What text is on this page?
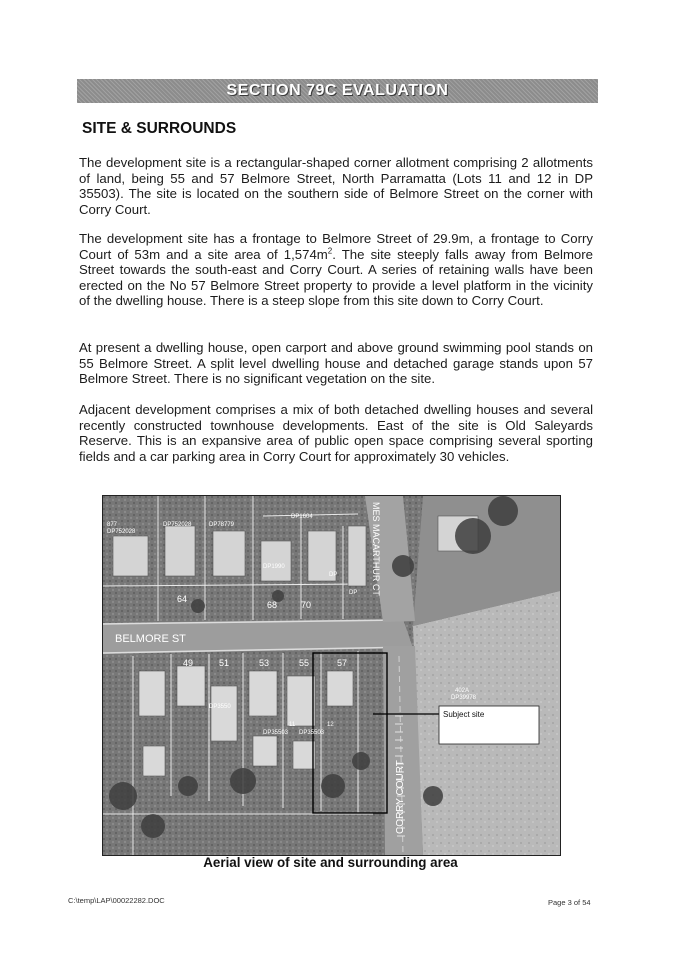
SECTION 79C EVALUATION
SITE & SURROUNDS

The development site is a rectangular-shaped corner allotment comprising 2 allotments of land, being 55 and 57 Belmore Street, North Parramatta (Lots 11 and 12 in DP 35503). The site is located on the southern side of Belmore Street on the corner with Corry Court.

The development site has a frontage to Belmore Street of 29.9m, a frontage to Corry Court of 53m and a site area of $1,574m^2$. The site steeply falls away from Belmore Street towards the south-east and Corry Court. A series of retaining walls have been erected on the No 57 Belmore Street property to provide a level platform in the vicinity of the dwelling house. There is a steep slope from this site down to Corry Court.

At present a dwelling house, open carport and above ground swimming pool stands on 55 Belmore Street. A split level dwelling house and detached garage stands upon 57 Belmore Street. There is no significant vegetation on the site.

Adjacent development comprises a mix of both detached dwelling houses and several recently constructed townhouse developments. East of the site is Old Saleyards Reserve. This is an expansive area of public open space comprising several sporting fields and a car parking area in Corry Court for approximately 30 vehicles.

BELMORE ST
CORRY COURT
MES MACARTHUR CT
877
DP752028
DP752028	DP78779
DP1604
DP1990
DP
DP
64
68	70
49	51	53	55	57
DP3550
DP35503 DP35503
11	12
402A
DP39978
Subject site
Aerial view of site and surrounding area
C:\temp\LAP\00022282.DOC	Page 3 of 54
